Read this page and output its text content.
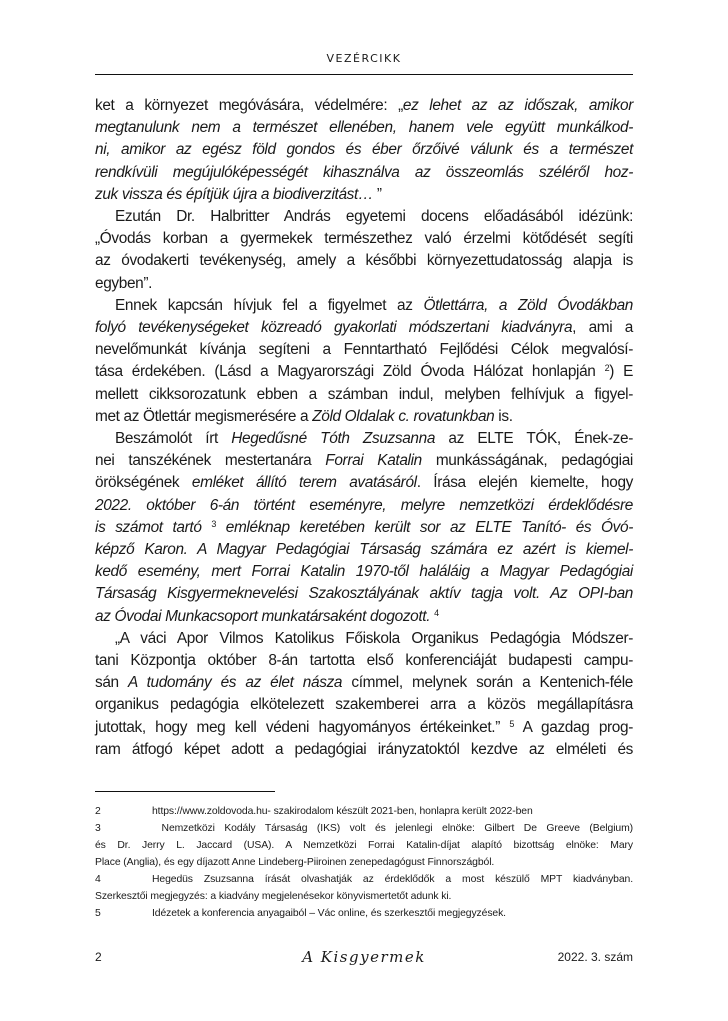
VEZÉRCIKK
ket a környezet megóvására, védelmére: „ez lehet az az időszak, amikor
megtanulunk nem a természet ellenében, hanem vele együtt munkálkod-
ni, amikor az egész föld gondos és éber őrzőivé válunk és a természet
rendkívüli megújulóképességét kihasználva az összeomlás széléről hoz-
zuk vissza és építjük újra a biodiverzitást… ”
Ezután Dr. Halbritter András egyetemi docens előadásából idézünk:
„Óvodás korban a gyermekek természethez való érzelmi kötődését segíti
az óvodakerti tevékenység, amely a későbbi környezettudatosság alapja is
egyben”.
Ennek kapcsán hívjuk fel a figyelmet az Ötlettárra, a Zöld Óvodákban
folyó tevékenységeket közreadó gyakorlati módszertani kiadványra, ami a
nevelőmunkát kívánja segíteni a Fenntartható Fejlődési Célok megvalósí-
tása érdekében. (Lásd a Magyarországi Zöld Óvoda Hálózat honlapján $^2$) E
mellett cikksorozatunk ebben a számban indul, melyben felhívjuk a figyel-
met az Ötlettár megismerésére a Zöld Oldalak c. rovatunkban is.
Beszámolót írt Hegedűsné Tóth Zsuzsanna az ELTE TÓK, Ének-ze-
nei tanszékének mestertanára Forrai Katalin munkásságának, pedagógiai
örökségének emléket állító terem avatásáról. Írása elején kiemelte, hogy
2022. október 6-án történt eseményre, melyre nemzetközi érdeklődésre
is számot tartó $^3$ emléknap keretében került sor az ELTE Tanító- és Óvó-
képző Karon. A Magyar Pedagógiai Társaság számára ez azért is kiemel-
kedő esemény, mert Forrai Katalin 1970-től haláláig a Magyar Pedagógiai
Társaság Kisgyermeknevelési Szakosztályának aktív tagja volt. Az OPI-ban
az Óvodai Munkacsoport munkatársaként dogozott. $^4$
„A váci Apor Vilmos Katolikus Főiskola Organikus Pedagógia Módszer-
tani Központja október 8-án tartotta első konferenciáját budapesti campu-
sán A tudomány és az élet násza címmel, melynek során a Kentenich-féle
organikus pedagógia elkötelezett szakemberei arra a közös megállapításra
jutottak, hogy meg kell védeni hagyományos értékeinket.” $^5$ A gazdag prog-
ram átfogó képet adott a pedagógiai irányzatoktól kezdve az elméleti és
2	https://www.zoldovoda.hu- szakirodalom készült 2021-ben, honlapra került 2022-ben
3	Nemzetközi Kodály Társaság (IKS) volt és jelenlegi elnöke: Gilbert De Greeve (Belgium)
és Dr. Jerry L. Jaccard (USA). A Nemzetközi Forrai Katalin-díjat alapító bizottság elnöke: Mary
Place (Anglia), és egy díjazott Anne Lindeberg-Piiroinen zenepedagógust Finnországból.
4	Hegedüs Zsuzsanna írását olvashatják az érdeklődők a most készülő MPT kiadványban.
Szerkesztői megjegyzés: a kiadvány megjelenésekor könyvismertetőt adunk ki.
5	Idézetek a konferencia anyagaiból – Vác online, és szerkesztői megjegyzések.
2	A Kisgyermek	2022. 3. szám
